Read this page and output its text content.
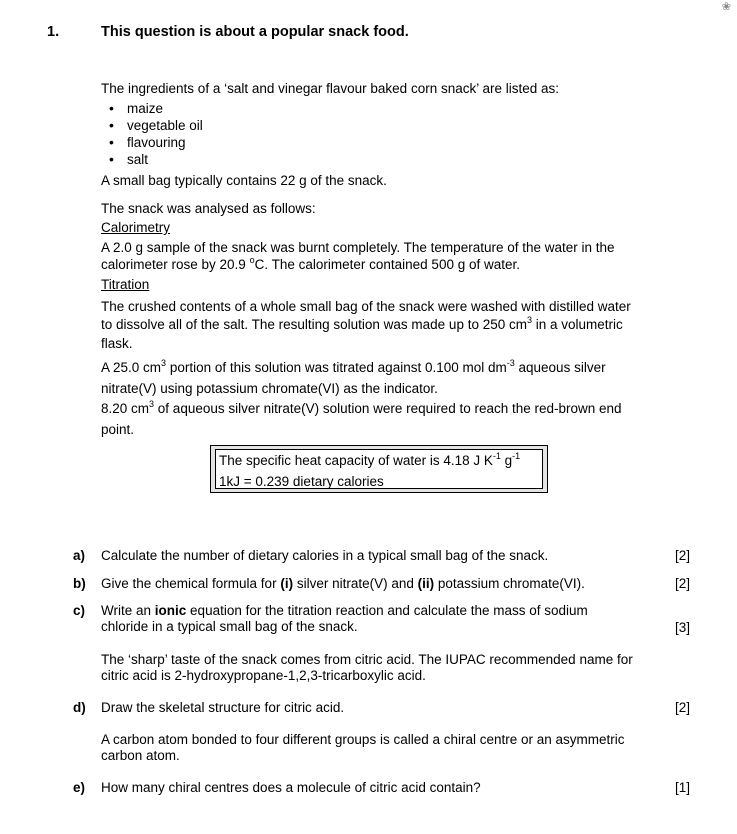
❀
1.	This question is about a popular snack food.
The ingredients of a ‘salt and vinegar flavour baked corn snack’ are listed as:
• maize
• vegetable oil
• flavouring
• salt
A small bag typically contains 22 g of the snack.
The snack was analysed as follows:
Calorimetry
A 2.0 g sample of the snack was burnt completely. The temperature of the water in the
calorimeter rose by 20.9 $^o$C. The calorimeter contained 500 g of water.
Titration
The crushed contents of a whole small bag of the snack were washed with distilled water
to dissolve all of the salt. The resulting solution was made up to 250 $cm^3$ in a volumetric
flask.
A 25.0 $cm^3$ portion of this solution was titrated against 0.100 mol $dm^{-3}$ aqueous silver
nitrate(V) using potassium chromate(VI) as the indicator.
8.20 $cm^3$ of aqueous silver nitrate(V) solution were required to reach the red-brown end
point.
The specific heat capacity of water is 4.18 J $K^{-1}$ $g^{-1}$
1kJ = 0.239 dietary calories
a) Calculate the number of dietary calories in a typical small bag of the snack.	[2]
b) Give the chemical formula for (i) silver nitrate(V) and (ii) potassium chromate(VI).	[2]
c) Write an ionic equation for the titration reaction and calculate the mass of sodium
chloride in a typical small bag of the snack.	[3]
The ‘sharp’ taste of the snack comes from citric acid. The IUPAC recommended name for
citric acid is 2-hydroxypropane-1,2,3-tricarboxylic acid.
d) Draw the skeletal structure for citric acid.	[2]
A carbon atom bonded to four different groups is called a chiral centre or an asymmetric
carbon atom.
e) How many chiral centres does a molecule of citric acid contain?	[1]
